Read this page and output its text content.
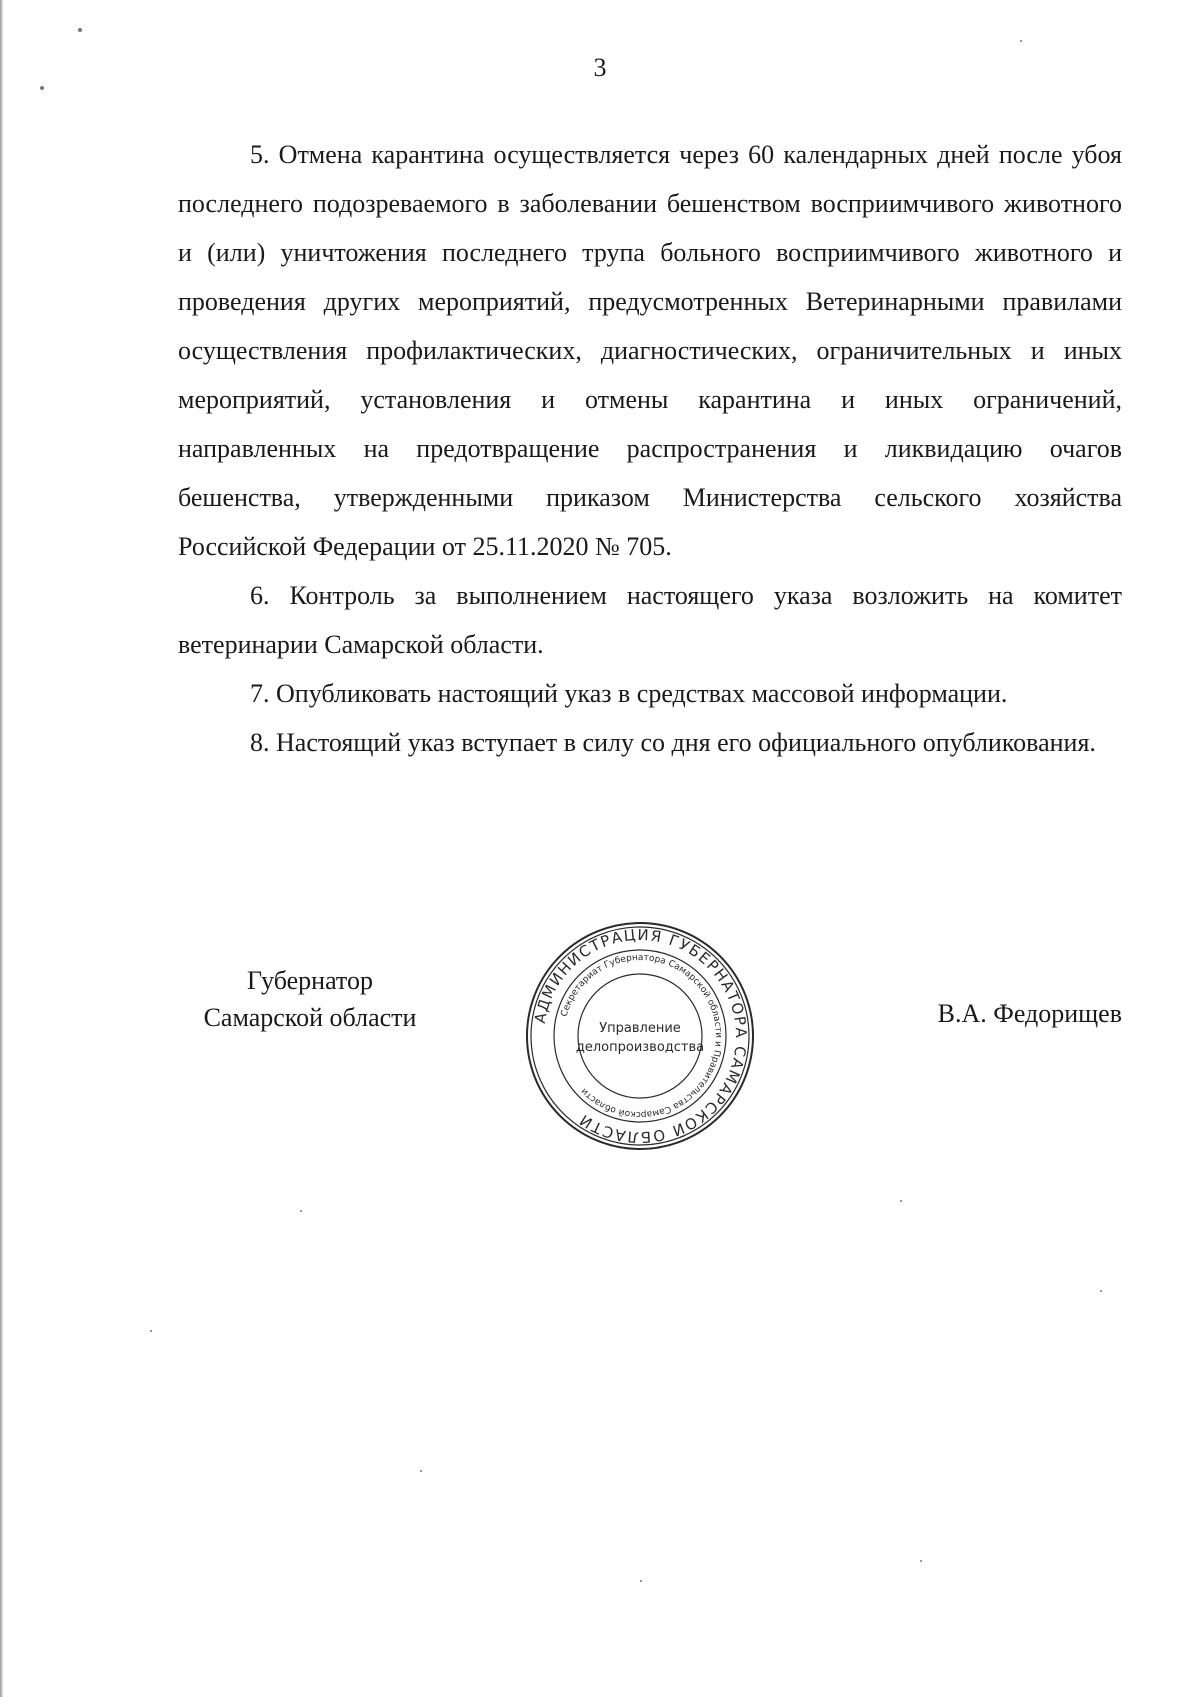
3

5. Отмена карантина осуществляется через 60 календарных дней после убоя последнего подозреваемого в заболевании бешенством восприимчивого животного и (или) уничтожения последнего трупа больного восприимчивого животного и проведения других мероприятий, предусмотренных Ветеринарными правилами осуществления профилактических, диагностических, ограничительных и иных мероприятий, установления и отмены карантина и иных ограничений, направленных на предотвращение распространения и ликвидацию очагов бешенства, утвержденными приказом Министерства сельского хозяйства Российской Федерации от 25.11.2020 № 705.

6. Контроль за выполнением настоящего указа возложить на комитет ветеринарии Самарской области.

7. Опубликовать настоящий указ в средствах массовой информации.

8. Настоящий указ вступает в силу со дня его официального опубликования.

Губернатор
Самарской области	В.А. Федорищев
АДМИНИСТРАЦИЯ ГУБЕРНАТОРА САМАРСКОЙ ОБЛАСТИ
Секретариат Губернатора Самарской области и Правительства Самарской области
Управление
делопроизводства
